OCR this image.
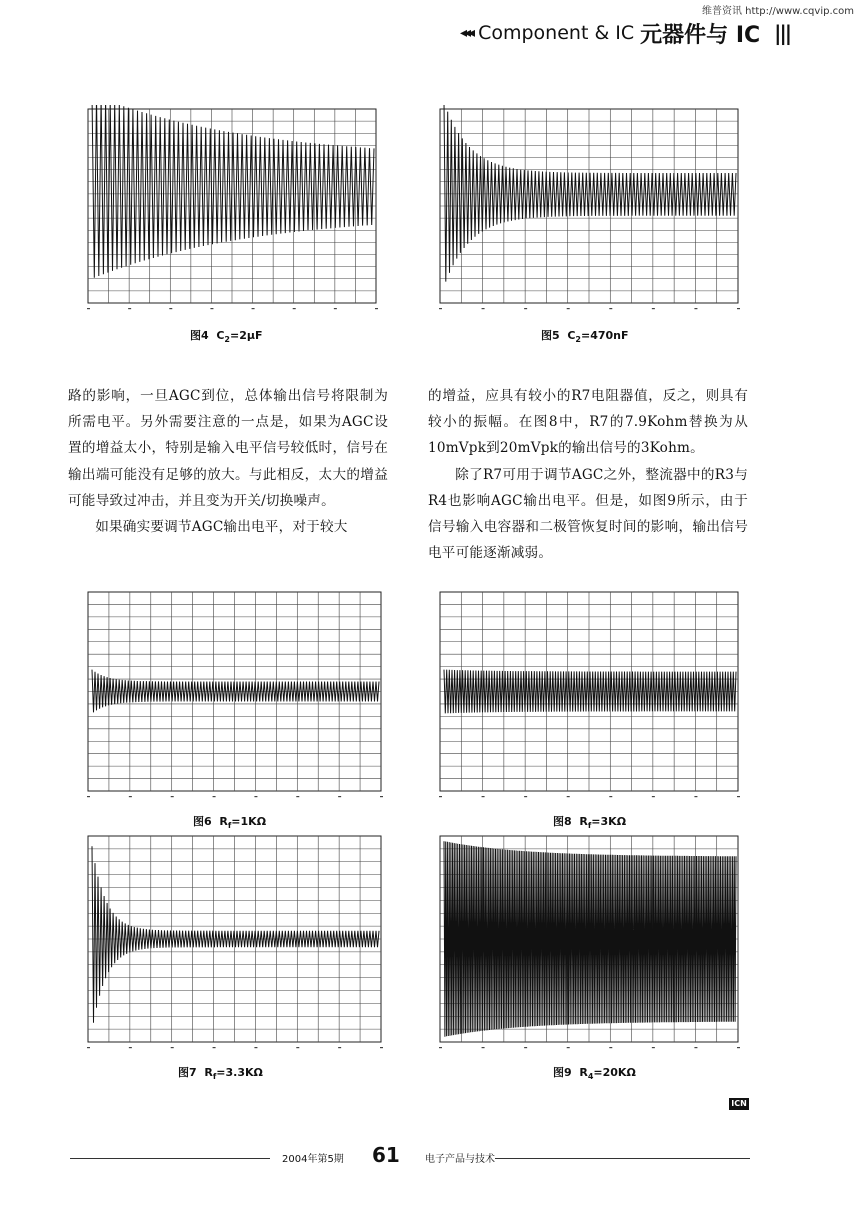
维普资讯 http://www.cqvip.com
◂◂◂ Component & IC 元器件与 IC |||
图4 $C_2=2\mu F$	图5 $C_2=470nF$

路的影响，一旦AGC到位，总体输出信号将限制为所需电平。另外需要注意的一点是，如果为AGC设置的增益太小，特别是输入电平信号较低时，信号在输出端可能没有足够的放大。与此相反，太大的增益可能导致过冲击，并且变为开关/切换噪声。

如果确实要调节AGC输出电平，对于较大

的增益，应具有较小的R7电阻器值，反之，则具有较小的振幅。在图8中，R7的7.9Kohm替换为从10mVpk到20mVpk的输出信号的3Kohm。

除了R7可用于调节AGC之外，整流器中的R3与R4也影响AGC输出电平。但是，如图9所示，由于信号输入电容器和二极管恢复时间的影响，输出信号电平可能逐渐减弱。

图6 $R_f=1K\Omega$	图8 $R_f=3K\Omega$
图7 $R_f=3.3K\Omega$	图9 $R_4=20K\Omega$
ICN
2004年第5期 61	电子产品与技术
